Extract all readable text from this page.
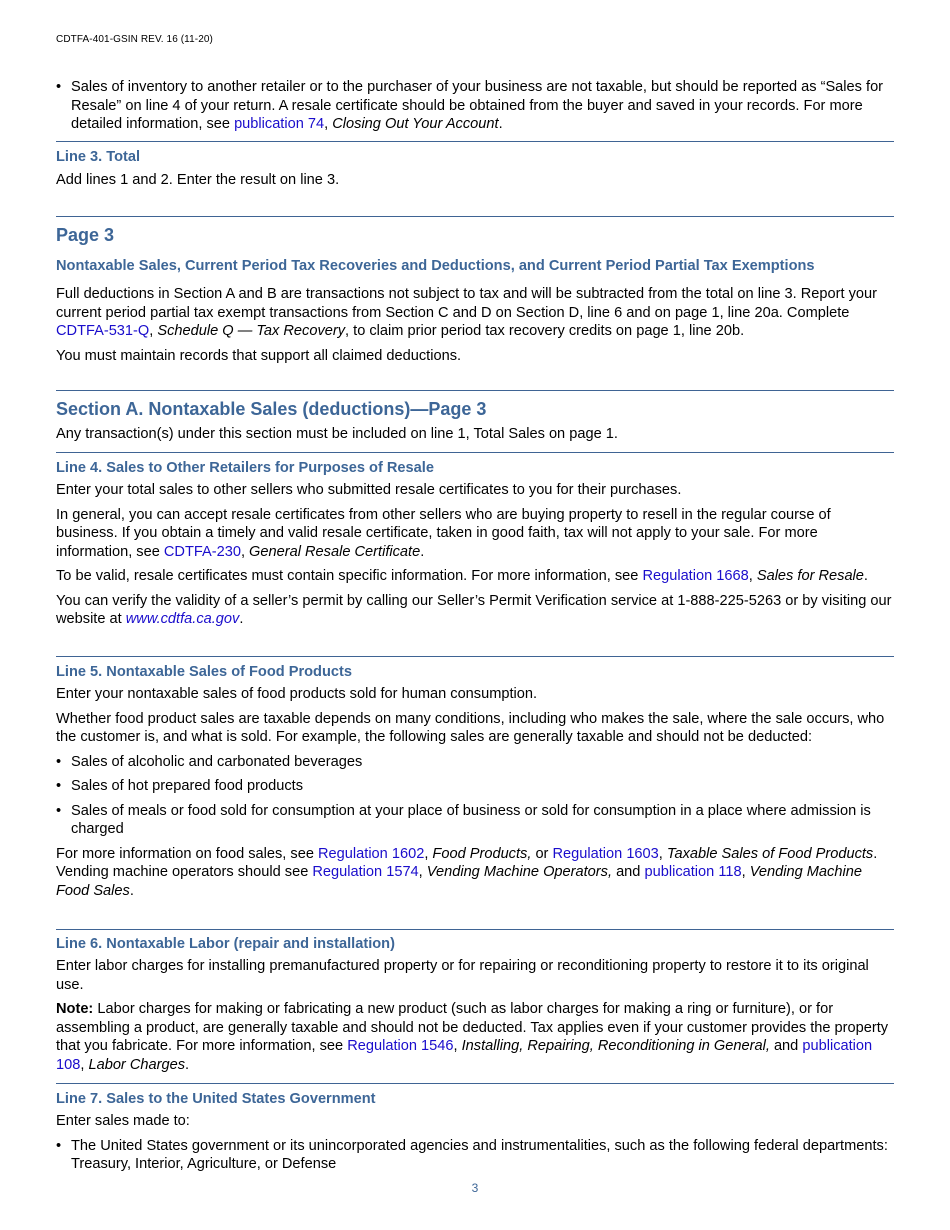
CDTFA-401-GSIN REV. 16 (11-20)

• Sales of inventory to another retailer or to the purchaser of your business are not taxable, but should be reported as “Sales for Resale” on line 4 of your return. A resale certificate should be obtained from the buyer and saved in your records. For more detailed information, see publication 74, Closing Out Your Account.

Line 3. Total

Add lines 1 and 2. Enter the result on line 3.

Page 3

Nontaxable Sales, Current Period Tax Recoveries and Deductions, and Current Period Partial Tax Exemptions

Full deductions in Section A and B are transactions not subject to tax and will be subtracted from the total on line 3. Report your current period partial tax exempt transactions from Section C and D on Section D, line 6 and on page 1, line 20a. Complete CDTFA-531-Q, Schedule Q — Tax Recovery, to claim prior period tax recovery credits on page 1, line 20b.

You must maintain records that support all claimed deductions.

Section A. Nontaxable Sales (deductions)—Page 3

Any transaction(s) under this section must be included on line 1, Total Sales on page 1.

Line 4. Sales to Other Retailers for Purposes of Resale

Enter your total sales to other sellers who submitted resale certificates to you for their purchases.

In general, you can accept resale certificates from other sellers who are buying property to resell in the regular course of business. If you obtain a timely and valid resale certificate, taken in good faith, tax will not apply to your sale. For more information, see CDTFA-230, General Resale Certificate.

To be valid, resale certificates must contain specific information. For more information, see Regulation 1668, Sales for Resale.

You can verify the validity of a seller’s permit by calling our Seller’s Permit Verification service at 1-888-225-5263 or by visiting our website at www.cdtfa.ca.gov.

Line 5. Nontaxable Sales of Food Products

Enter your nontaxable sales of food products sold for human consumption.

Whether food product sales are taxable depends on many conditions, including who makes the sale, where the sale occurs, who the customer is, and what is sold. For example, the following sales are generally taxable and should not be deducted:

• Sales of alcoholic and carbonated beverages

• Sales of hot prepared food products

• Sales of meals or food sold for consumption at your place of business or sold for consumption in a place where admission is charged

For more information on food sales, see Regulation 1602, Food Products, or Regulation 1603, Taxable Sales of Food Products. Vending machine operators should see Regulation 1574, Vending Machine Operators, and publication 118, Vending Machine Food Sales.

Line 6. Nontaxable Labor (repair and installation)

Enter labor charges for installing premanufactured property or for repairing or reconditioning property to restore it to its original use.

Note: Labor charges for making or fabricating a new product (such as labor charges for making a ring or furniture), or for assembling a product, are generally taxable and should not be deducted. Tax applies even if your customer provides the property that you fabricate. For more information, see Regulation 1546, Installing, Repairing, Reconditioning in General, and publication 108, Labor Charges.

Line 7. Sales to the United States Government

Enter sales made to:

• The United States government or its unincorporated agencies and instrumentalities, such as the following federal departments: Treasury, Interior, Agriculture, or Defense

3
